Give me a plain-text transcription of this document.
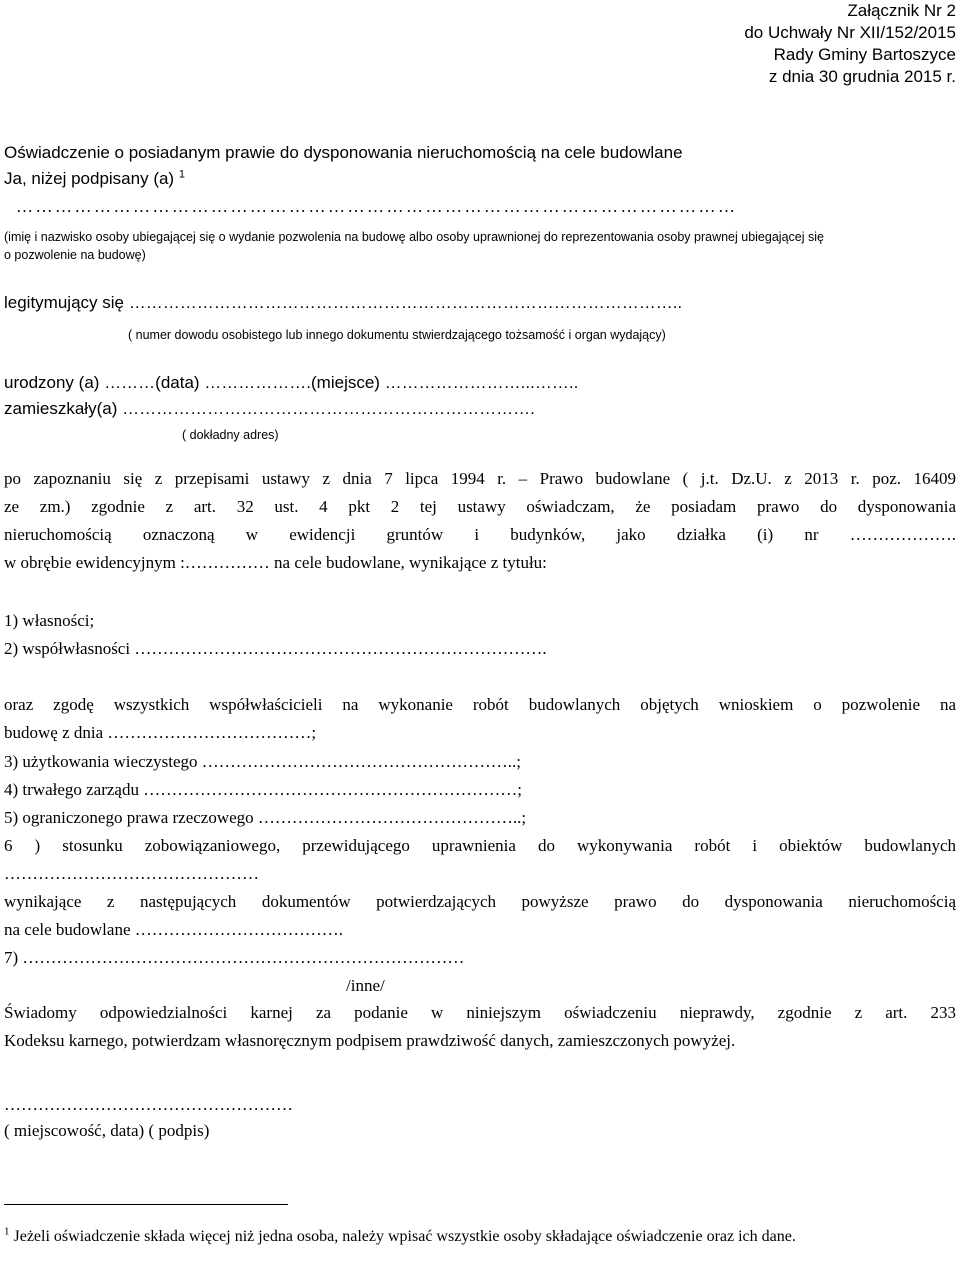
Załącznik Nr 2
do Uchwały Nr XII/152/2015
Rady Gminy Bartoszyce
z dnia 30 grudnia 2015 r.
Oświadczenie o posiadanym prawie do dysponowania nieruchomością na cele budowlane
Ja, niżej podpisany (a) $^1$
…………………………………………………………………………………………………
(imię i nazwisko osoby ubiegającej się o wydanie pozwolenia na budowę albo osoby uprawnionej do reprezentowania osoby prawnej ubiegającej się
o pozwolenie na budowę)
legitymujący się ……………………………………………………………………………………..
( numer dowodu osobistego lub innego dokumentu stwierdzającego tożsamość i organ wydający)
urodzony (a) ………(data) ……………….(miejsce) ……………………...……..
zamieszkały(a) ……………………………………………………………….
( dokładny adres)
po zapoznaniu się z przepisami ustawy z dnia 7 lipca 1994 r. – Prawo budowlane ( j.t. Dz.U. z 2013 r. poz. 16409
ze zm.) zgodnie z art. 32 ust. 4 pkt 2 tej ustawy oświadczam, że posiadam prawo do dysponowania
nieruchomością oznaczoną w ewidencji gruntów i budynków, jako działka (i) nr ……………….
w obrębie ewidencyjnym :…………… na cele budowlane, wynikające z tytułu:
1) własności;
2) współwłasności ……………………………………………………………….
oraz zgodę wszystkich współwłaścicieli na wykonanie robót budowlanych objętych wnioskiem o pozwolenie na
budowę z dnia ………………………………;
3) użytkowania wieczystego ………………………………………………..;
4) trwałego zarządu …………………………………………………………;
5) ograniczonego prawa rzeczowego ………………………………………..;
6 ) stosunku zobowiązaniowego, przewidującego uprawnienia do wykonywania robót i obiektów budowlanych
………………………………………
wynikające z następujących dokumentów potwierdzających powyższe prawo do dysponowania nieruchomością
na cele budowlane ……………………………….
7) ……………………………………………………………………
/inne/
Świadomy odpowiedzialności karnej za podanie w niniejszym oświadczeniu nieprawdy, zgodnie z art. 233
Kodeksu karnego, potwierdzam własnoręcznym podpisem prawdziwość danych, zamieszczonych powyżej.
……………………………………………
( miejscowość, data) ( podpis)
$^1$ Jeżeli oświadczenie składa więcej niż jedna osoba, należy wpisać wszystkie osoby składające oświadczenie oraz ich dane.
